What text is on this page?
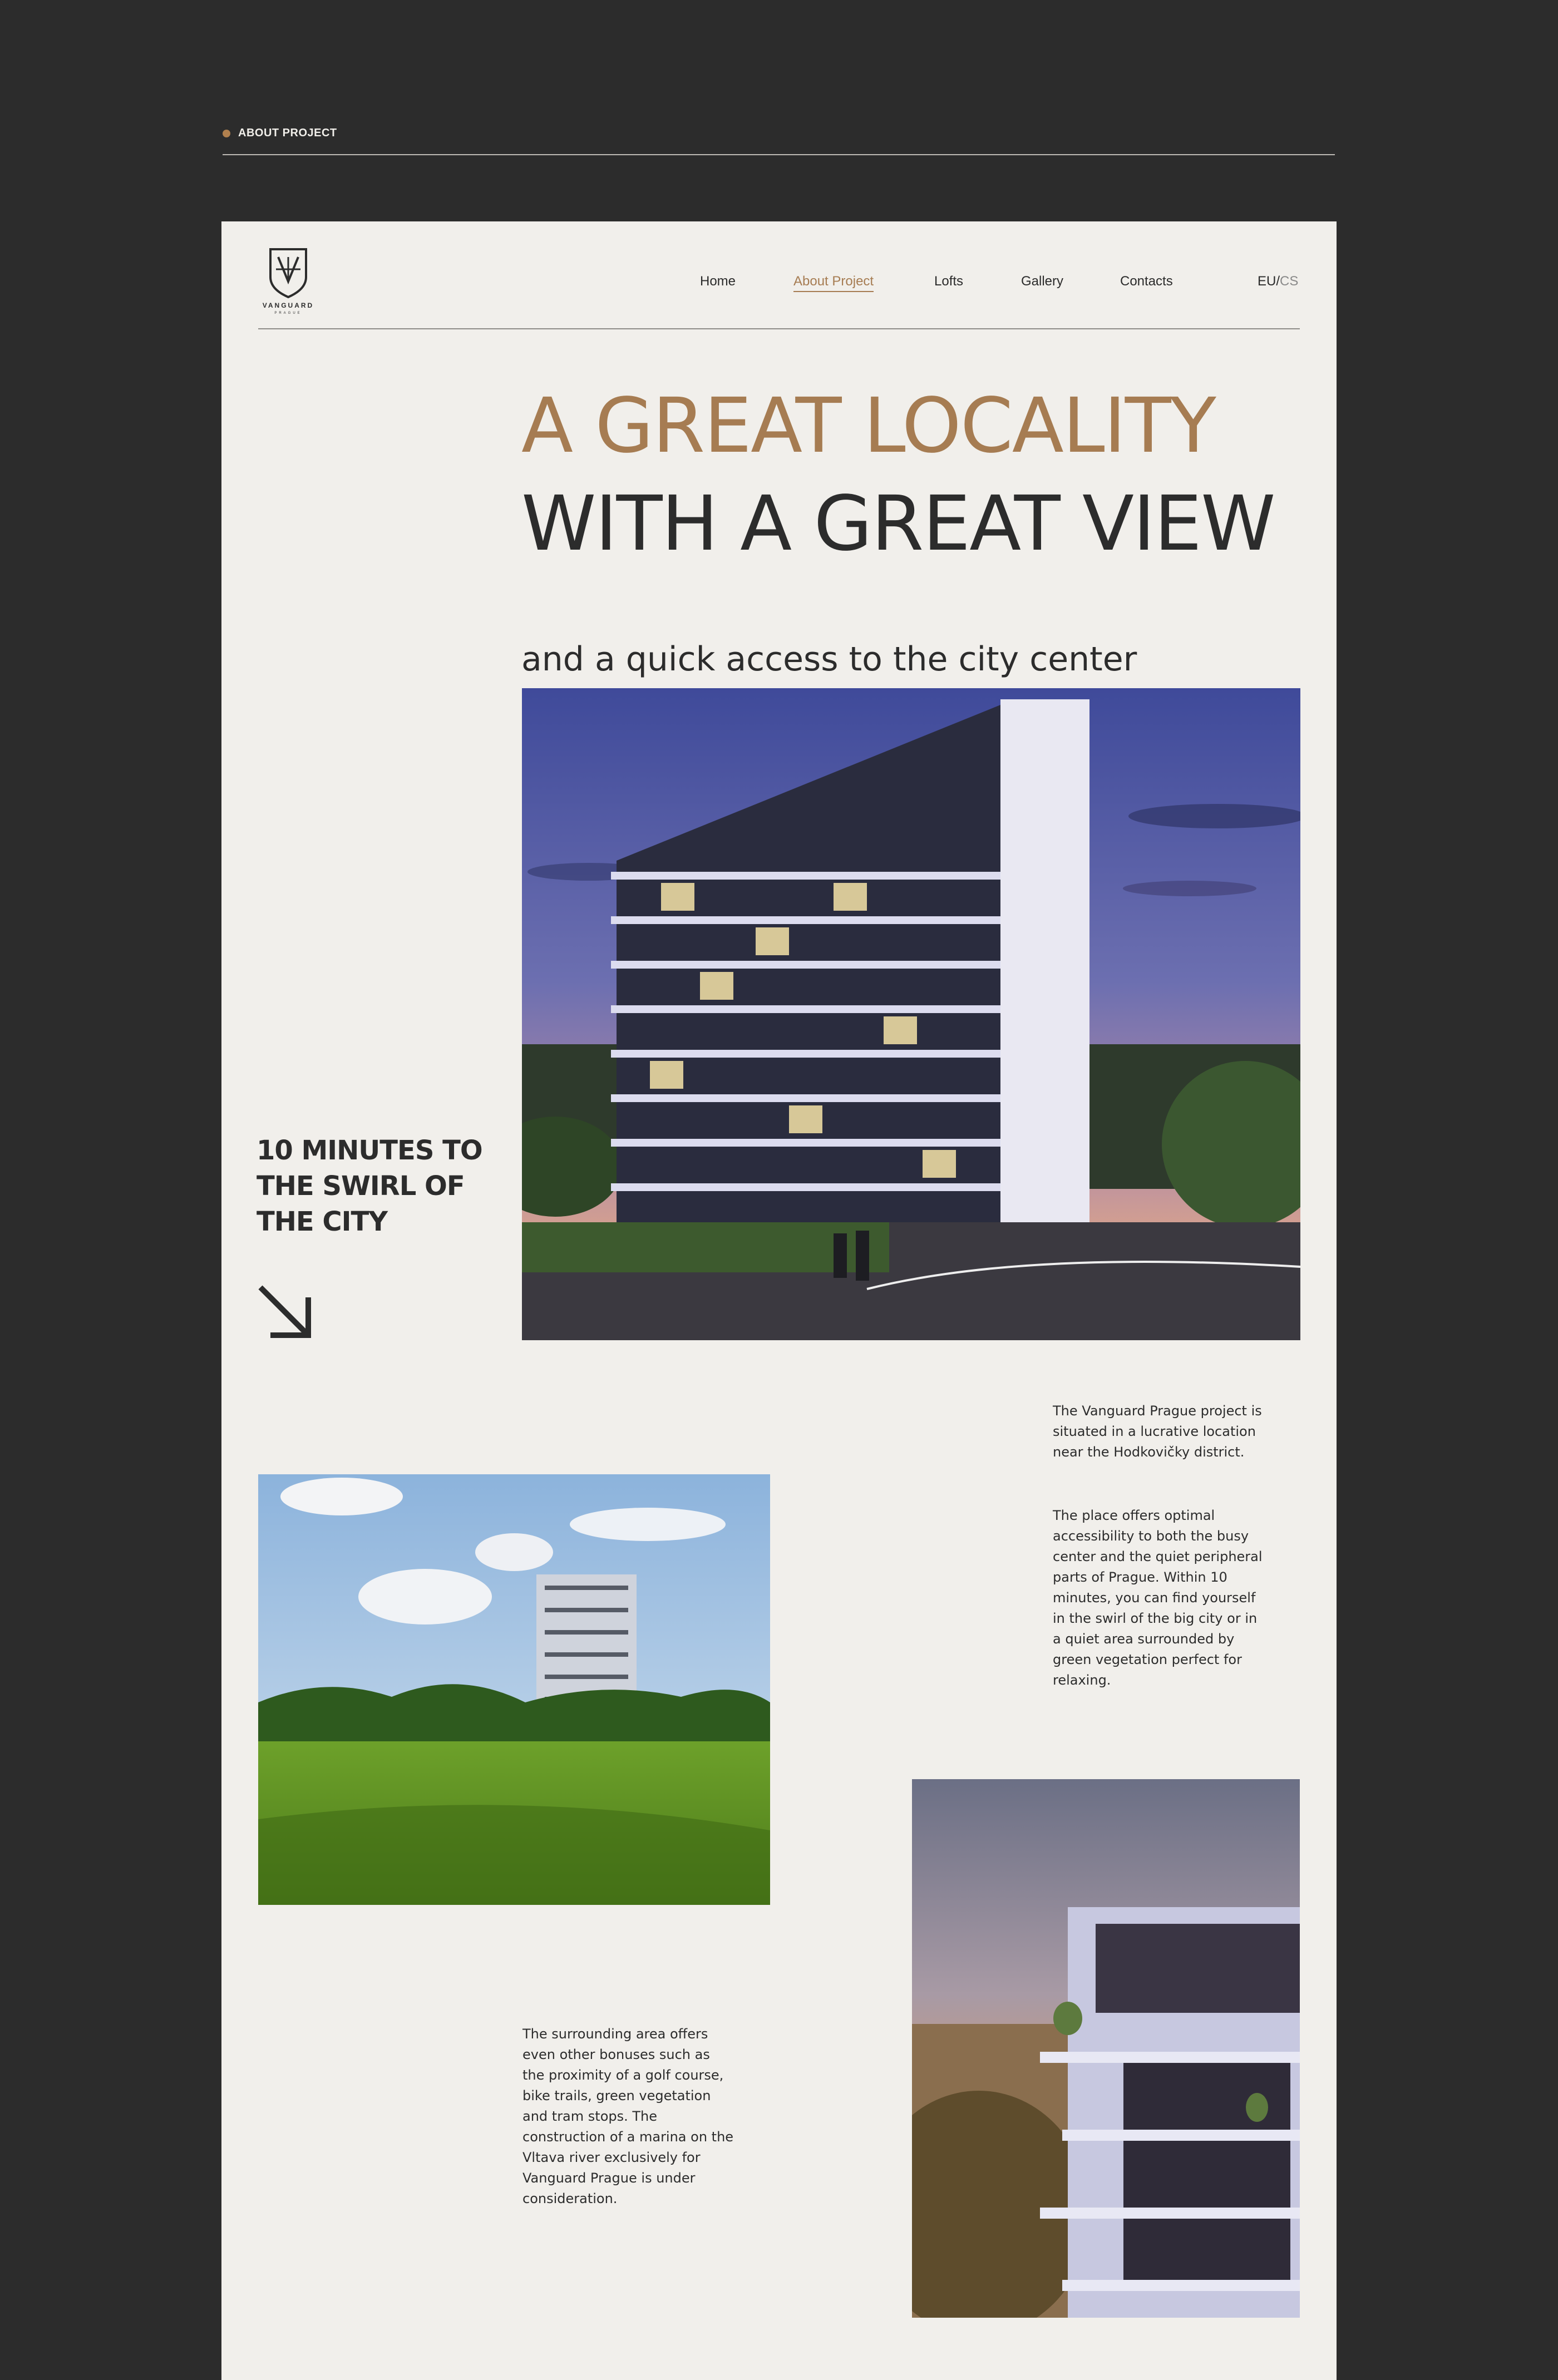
ABOUT PROJECT
VANGUARD
PRAGUE
Home	About Project	Lofts	Gallery	Contacts	EU/CS
A GREAT LOCALITY
WITH A GREAT VIEW
and a quick access to the city center
10 MINUTES TO THE SWIRL OF THE CITY
The Vanguard Prague project is situated in a lucrative location near the Hodkovičky district.
The place offers optimal accessibility to both the busy center and the quiet peripheral parts of Prague. Within 10 minutes, you can find yourself in the swirl of the big city or in a quiet area surrounded by green vegetation perfect for relaxing.
The surrounding area offers even other bonuses such as the proximity of a golf course, bike trails, green vegetation and tram stops. The construction of a marina on the Vltava river exclusively for Vanguard Prague is under consideration.
